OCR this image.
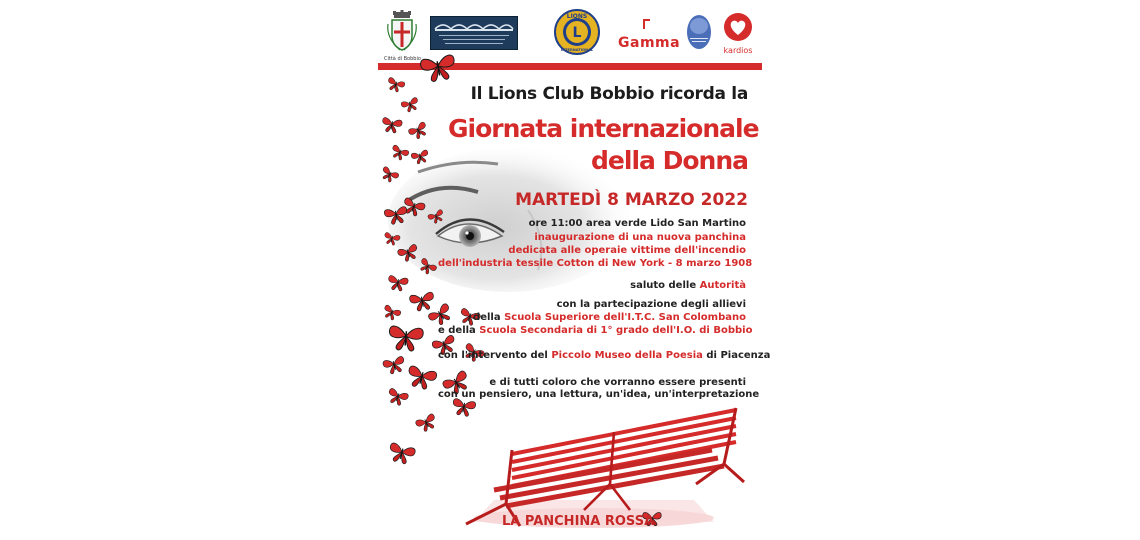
Città di Bobbio
L
LIONS
INTERNATIONAL Gamma	kardios
Il Lions Club Bobbio ricorda la
Giornata internazionale
della Donna
MARTEDÌ 8 MARZO 2022
ore 11:00 area verde Lido San Martino
inaugurazione di una nuova panchina
dedicata alle operaie vittime dell'incendio
dell'industria tessile Cotton di New York - 8 marzo 1908
saluto delle Autorità
con la partecipazione degli allievi
della Scuola Superiore dell'I.T.C. San Colombano
e della Scuola Secondaria di 1° grado dell'I.O. di Bobbio
con l'intervento del Piccolo Museo della Poesia di Piacenza
e di tutti coloro che vorranno essere presenti
con un pensiero, una lettura, un'idea, un'interpretazione
LA PANCHINA ROSSA
